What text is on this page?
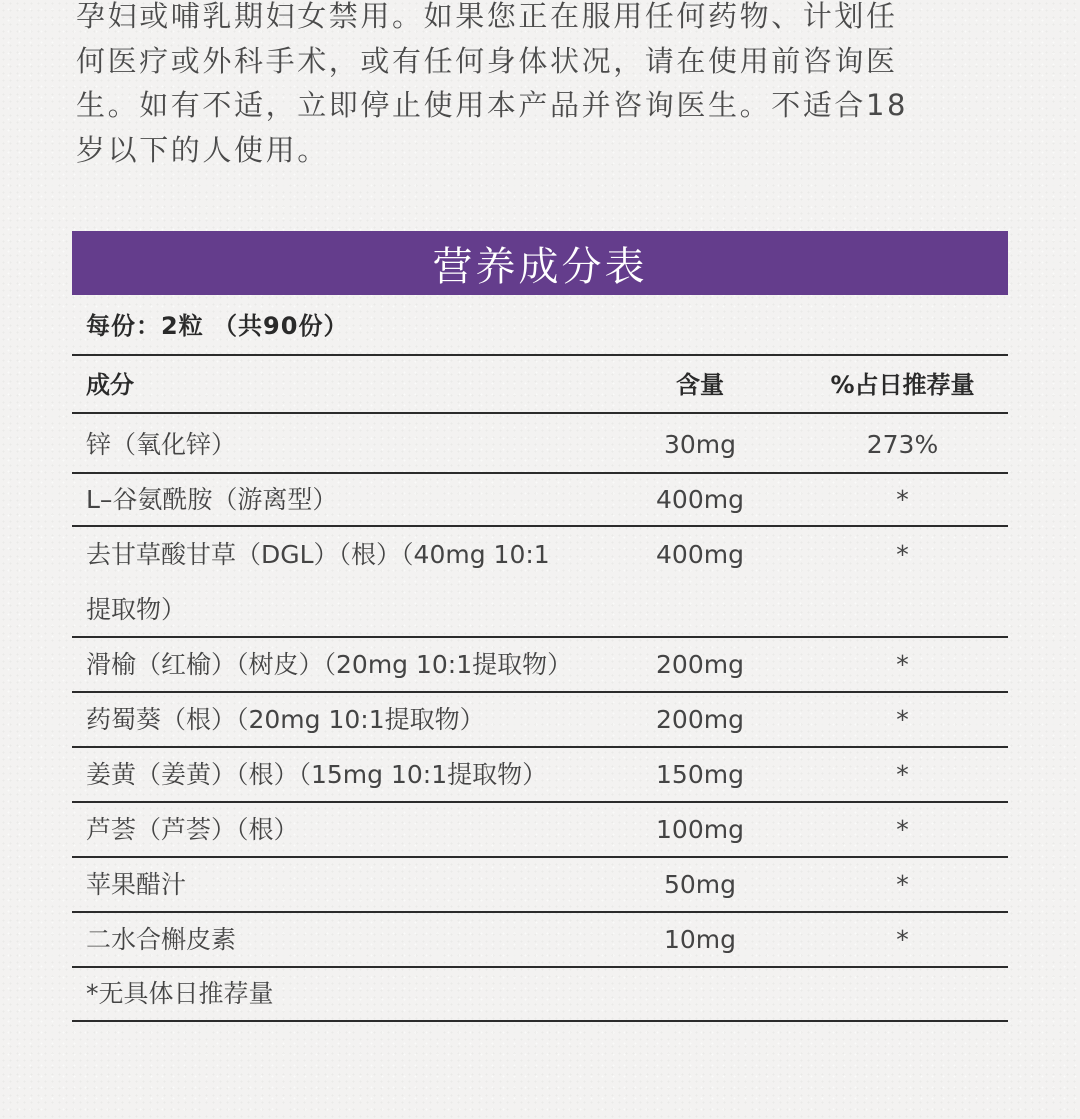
孕妇或哺乳期妇女禁用。如果您正在服用任何药物、计划任
何医疗或外科手术，或有任何身体状况，请在使用前咨询医
生。如有不适，立即停止使用本产品并咨询医生。不适合18
岁以下的人使用。
营养成分表
每份：2粒 （共90份）
成分	含量	%占日推荐量
锌（氧化锌）	30mg	273%
L–谷氨酰胺（游离型）	400mg	*
去甘草酸甘草（DGL）（根）（40mg 10:1
提取物）
400mg	*
滑榆（红榆）（树皮）（20mg 10:1提取物）	200mg	*
药蜀葵（根）（20mg 10:1提取物）	200mg	*
姜黄（姜黄）（根）（15mg 10:1提取物）	150mg	*
芦荟（芦荟）（根）	100mg	*
苹果醋汁	50mg	*
二水合槲皮素	10mg	*
*无具体日推荐量
